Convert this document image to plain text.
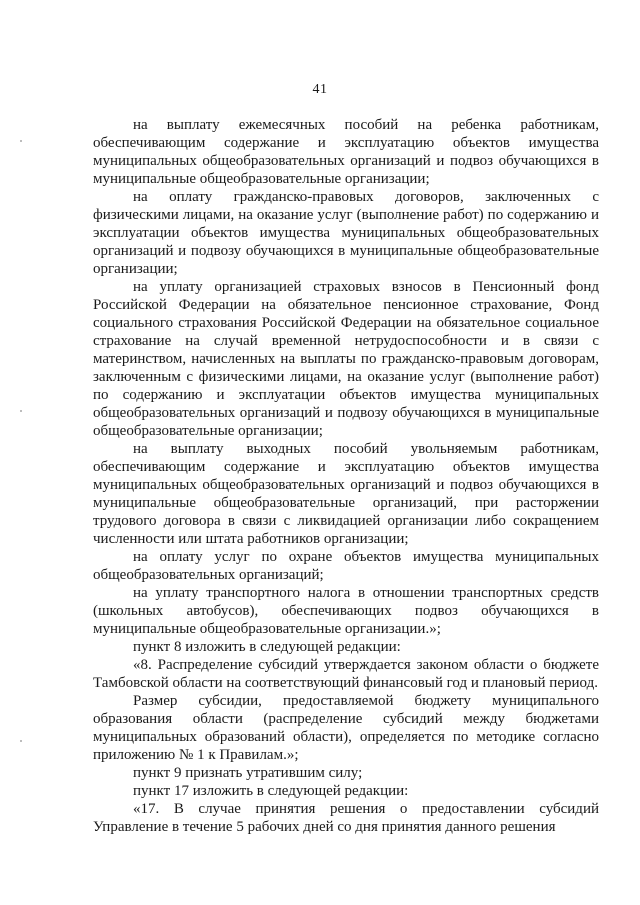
41

на выплату ежемесячных пособий на ребенка работникам, обеспечивающим содержание и эксплуатацию объектов имущества муниципальных общеобразовательных организаций и подвоз обучающихся в муниципальные общеобразовательные организации;

на оплату гражданско-правовых договоров, заключенных с физическими лицами, на оказание услуг (выполнение работ) по содержанию и эксплуатации объектов имущества муниципальных общеобразовательных организаций и подвозу обучающихся в муниципальные общеобразовательные организации;

на уплату организацией страховых взносов в Пенсионный фонд Российской Федерации на обязательное пенсионное страхование, Фонд социального страхования Российской Федерации на обязательное социальное страхование на случай временной нетрудоспособности и в связи с материнством, начисленных на выплаты по гражданско-правовым договорам, заключенным с физическими лицами, на оказание услуг (выполнение работ) по содержанию и эксплуатации объектов имущества муниципальных общеобразовательных организаций и подвозу обучающихся в муниципальные общеобразовательные организации;

на выплату выходных пособий увольняемым работникам, обеспечивающим содержание и эксплуатацию объектов имущества муниципальных общеобразовательных организаций и подвоз обучающихся в муниципальные общеобразовательные организаций, при расторжении трудового договора в связи с ликвидацией организации либо сокращением численности или штата работников организации;

на оплату услуг по охране объектов имущества муниципальных общеобразовательных организаций;

на уплату транспортного налога в отношении транспортных средств (школьных автобусов), обеспечивающих подвоз обучающихся в муниципальные общеобразовательные организации.»;

пункт 8 изложить в следующей редакции:

«8. Распределение субсидий утверждается законом области о бюджете Тамбовской области на соответствующий финансовый год и плановый период.

Размер субсидии, предоставляемой бюджету муниципального образования области (распределение субсидий между бюджетами муниципальных образований области), определяется по методике согласно приложению № 1 к Правилам.»;

пункт 9 признать утратившим силу;

пункт 17 изложить в следующей редакции:

«17. В случае принятия решения о предоставлении субсидий Управление в течение 5 рабочих дней со дня принятия данного решения
